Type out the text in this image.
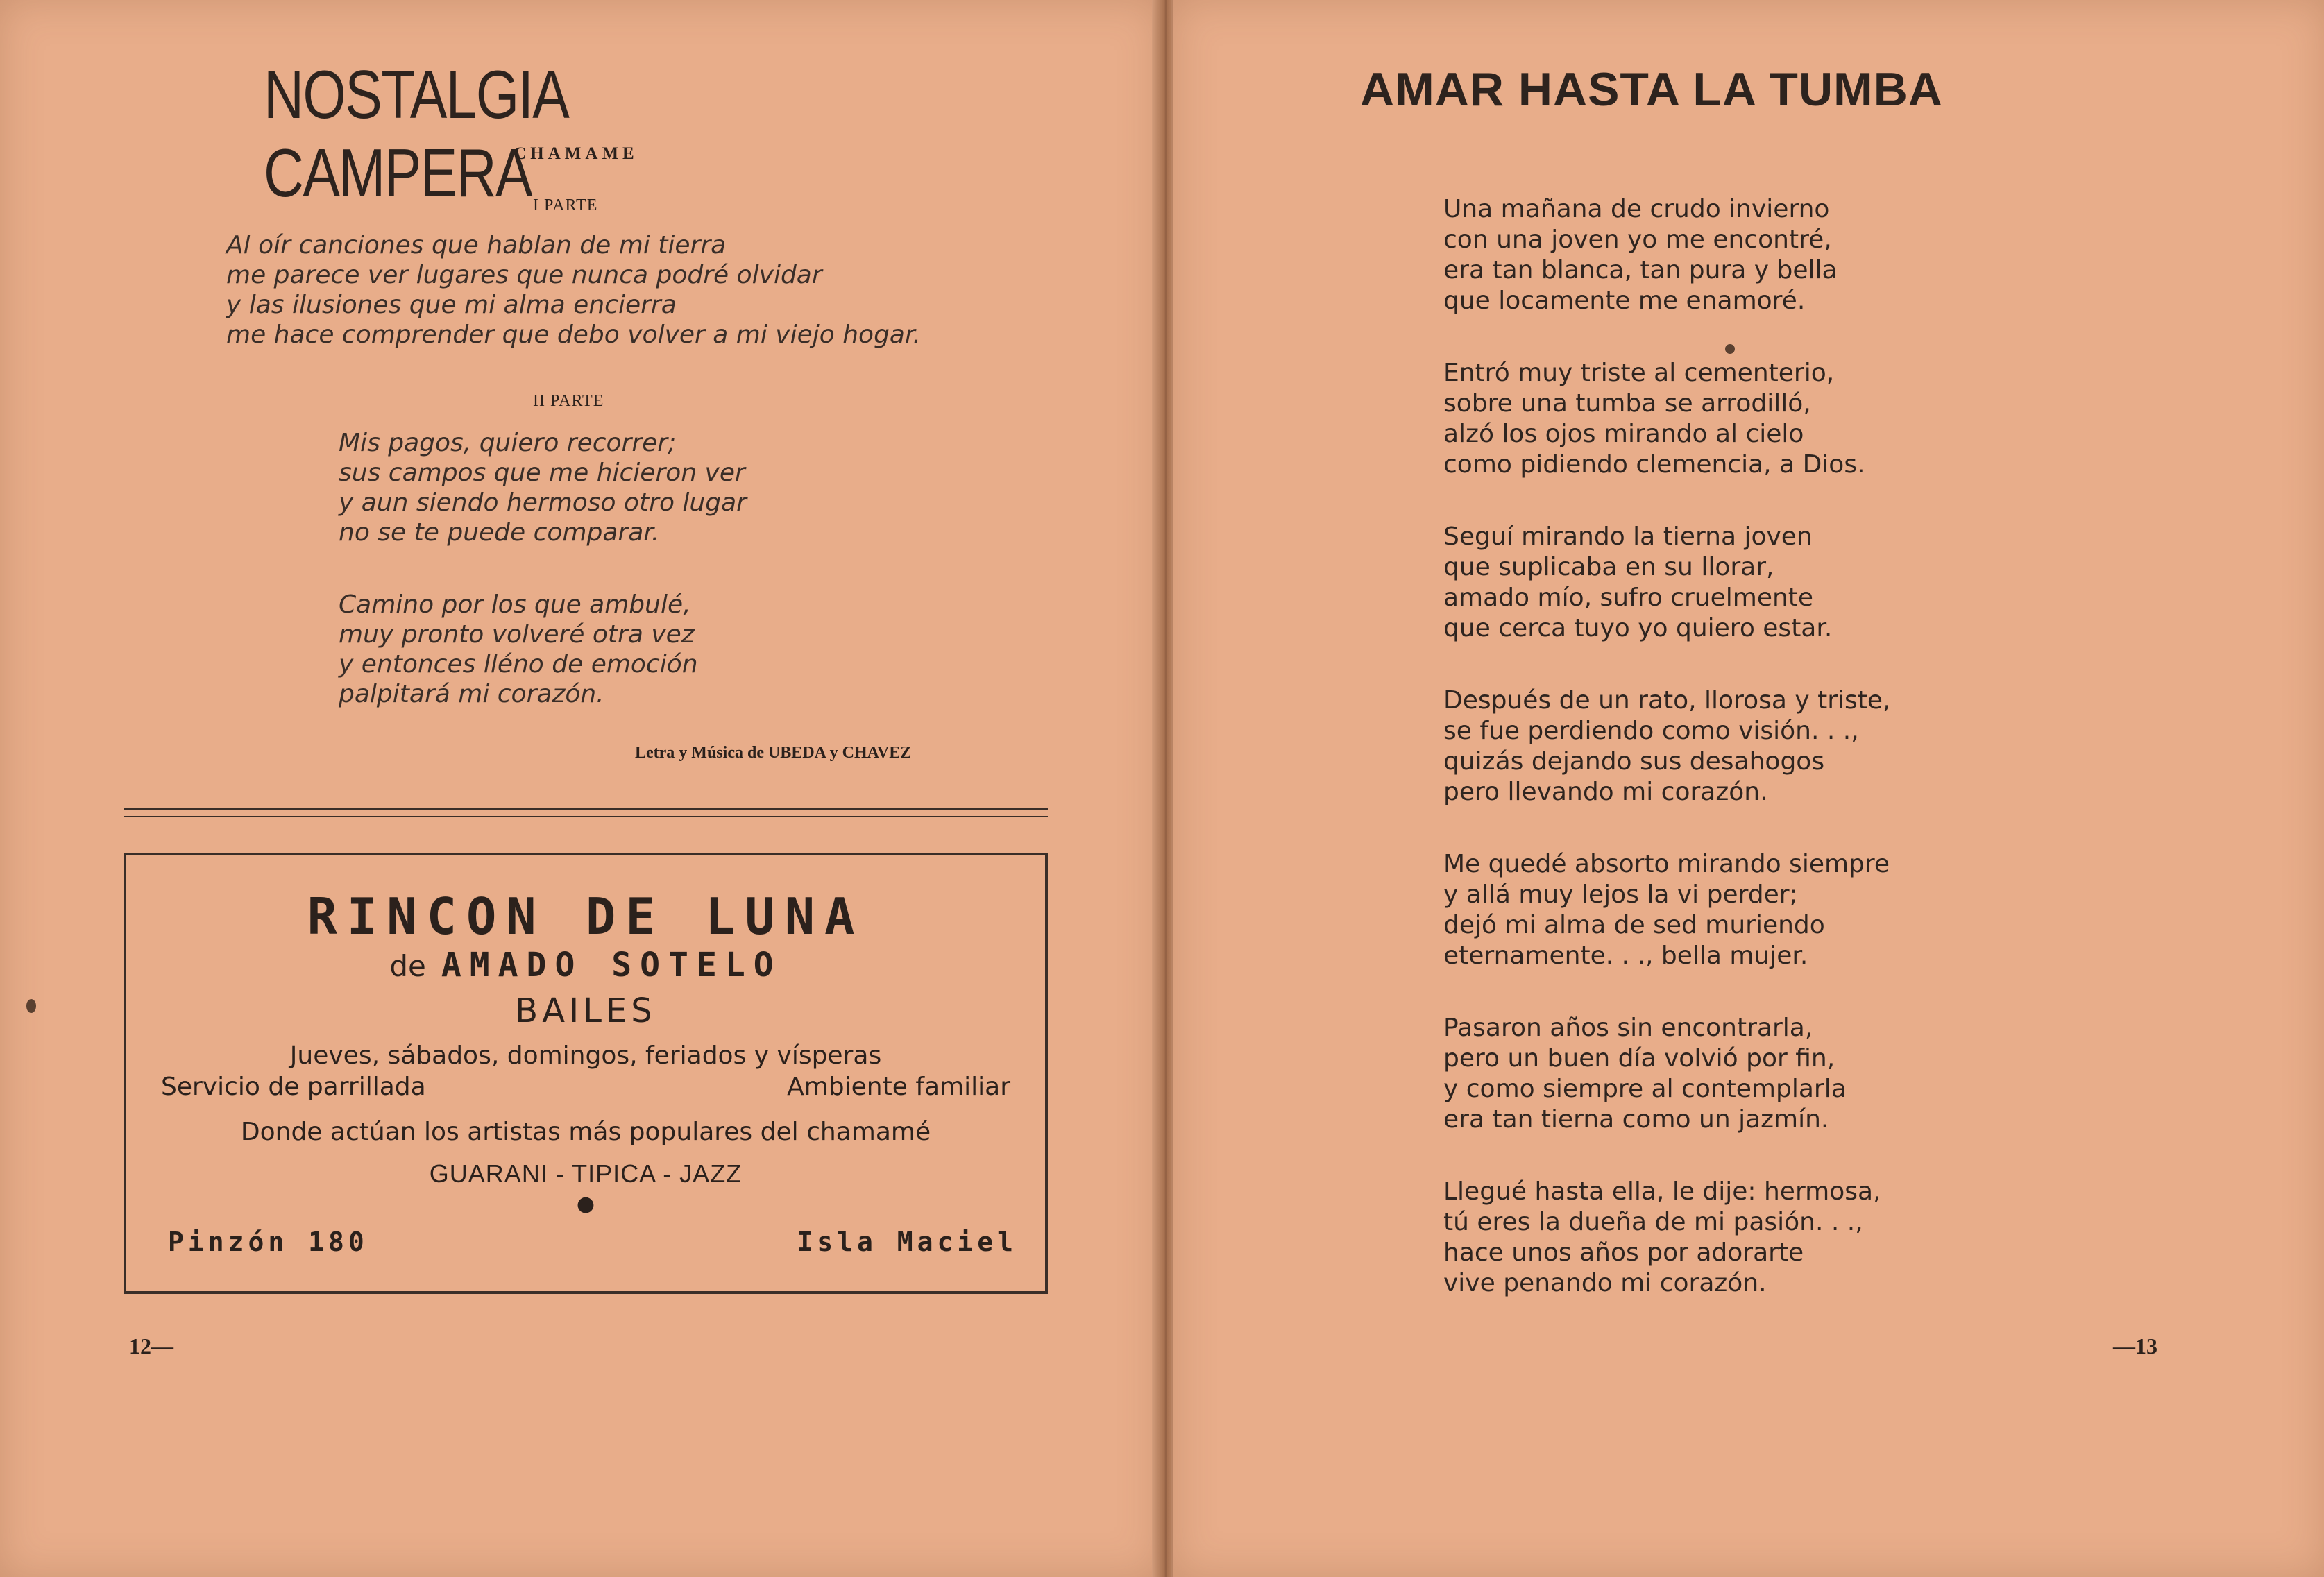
NOSTALGIA CAMPERA
CHAMAME
I PARTE
Al oír canciones que hablan de mi tierra
me parece ver lugares que nunca podré olvidar
y las ilusiones que mi alma encierra
me hace comprender que debo volver a mi viejo hogar.
II PARTE
Mis pagos, quiero recorrer;
sus campos que me hicieron ver
y aun siendo hermoso otro lugar
no se te puede comparar.
Camino por los que ambulé,
muy pronto volveré otra vez
y entonces lléno de emoción
palpitará mi corazón.
Letra y Música de UBEDA y CHAVEZ
RINCON DE LUNA
de AMADO SOTELO
BAILES
Jueves, sábados, domingos, feriados y vísperas
Servicio de parrillada	Ambiente familiar
Donde actúan los artistas más populares del chamamé
GUARANI - TIPICA - JAZZ
●
Pinzón 180	Isla Maciel
12—
AMAR HASTA LA TUMBA
Una mañana de crudo invierno
con una joven yo me encontré,
era tan blanca, tan pura y bella
que locamente me enamoré.
Entró muy triste al cementerio,
sobre una tumba se arrodilló,
alzó los ojos mirando al cielo
como pidiendo clemencia, a Dios.
Seguí mirando la tierna joven
que suplicaba en su llorar,
amado mío, sufro cruelmente
que cerca tuyo yo quiero estar.
Después de un rato, llorosa y triste,
se fue perdiendo como visión. . .,
quizás dejando sus desahogos
pero llevando mi corazón.
Me quedé absorto mirando siempre
y allá muy lejos la vi perder;
dejó mi alma de sed muriendo
eternamente. . ., bella mujer.
Pasaron años sin encontrarla,
pero un buen día volvió por fin,
y como siempre al contemplarla
era tan tierna como un jazmín.
Llegué hasta ella, le dije: hermosa,
tú eres la dueña de mi pasión. . .,
hace unos años por adorarte
vive penando mi corazón.
—13
